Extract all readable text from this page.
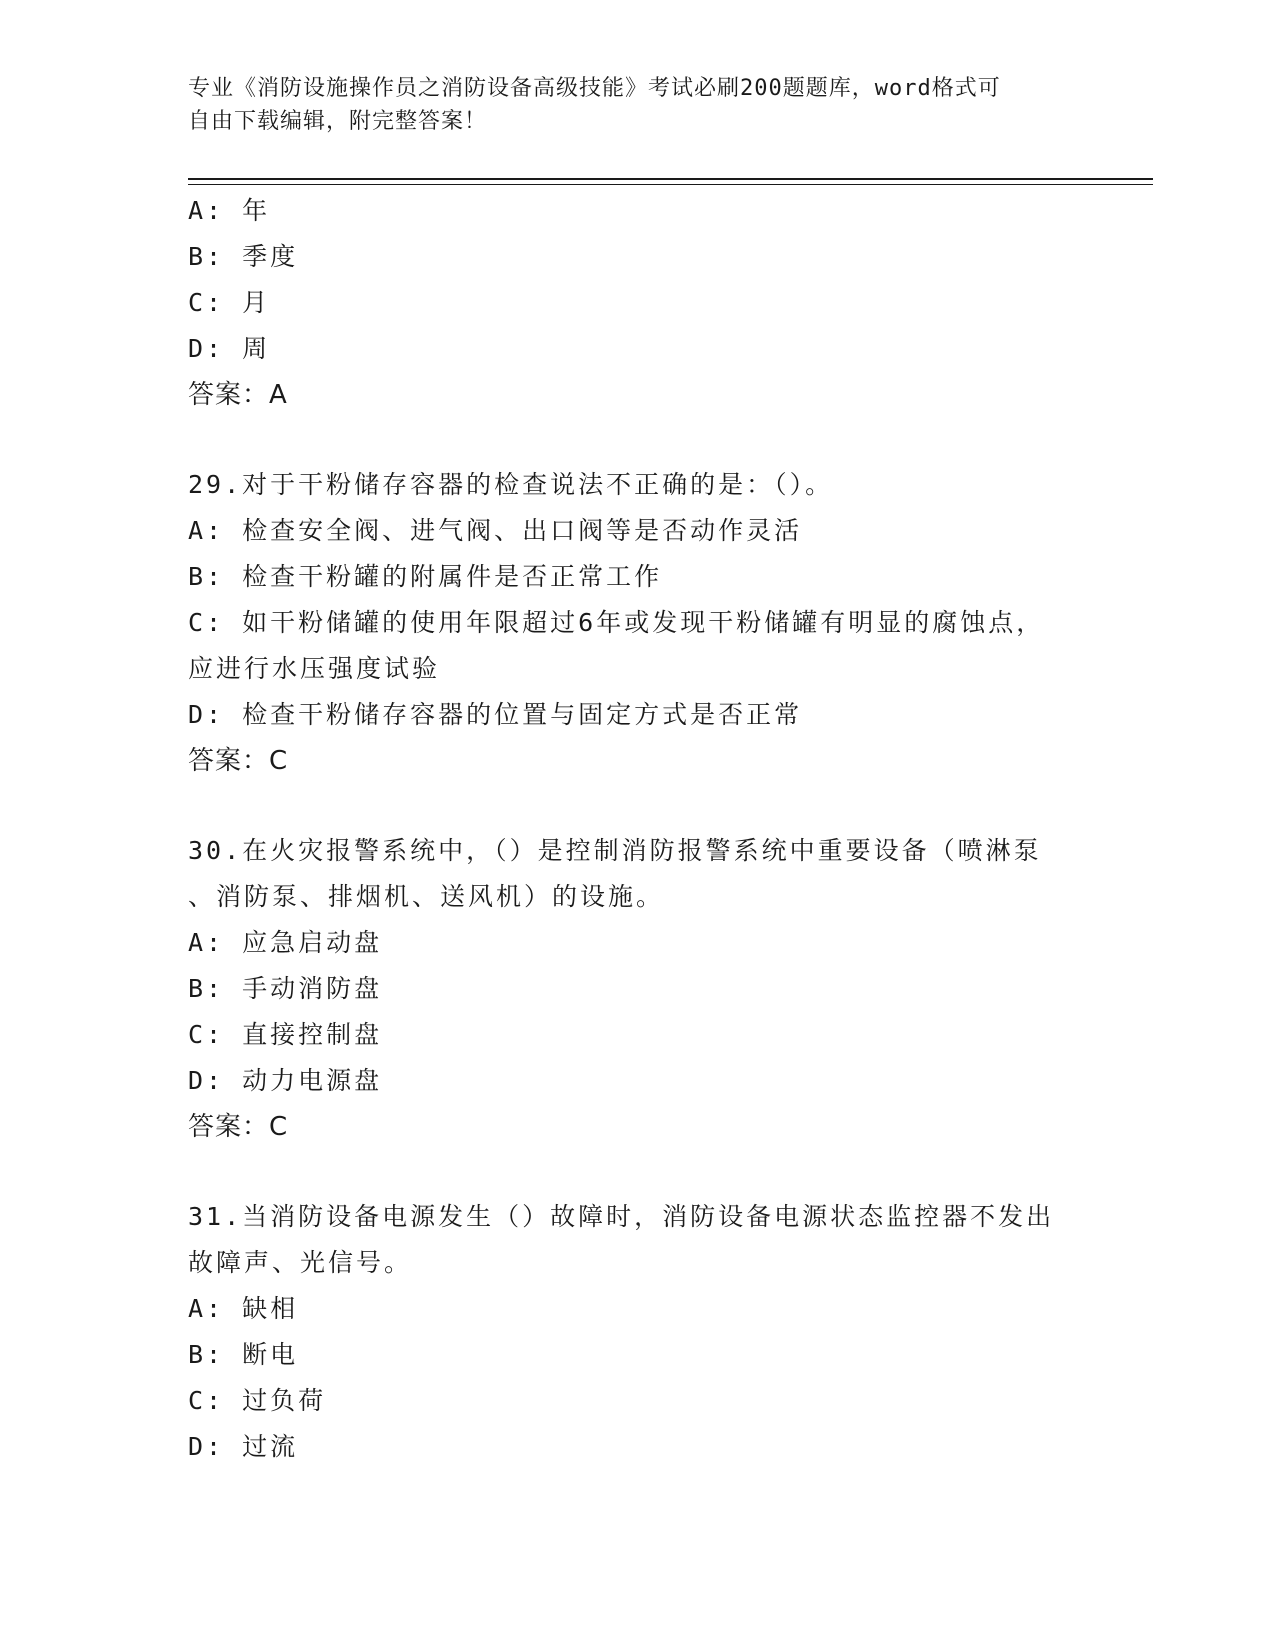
专业《消防设施操作员之消防设备高级技能》考试必刷200题题库，word格式可
自由下载编辑，附完整答案！
A: 年
B: 季度
C: 月
D: 周
答案：A
29.对于干粉储存容器的检查说法不正确的是：（）。
A: 检查安全阀、进气阀、出口阀等是否动作灵活
B: 检查干粉罐的附属件是否正常工作
C: 如干粉储罐的使用年限超过6年或发现干粉储罐有明显的腐蚀点，
应进行水压强度试验
D: 检查干粉储存容器的位置与固定方式是否正常
答案：C
30.在火灾报警系统中，（）是控制消防报警系统中重要设备（喷淋泵
、消防泵、排烟机、送风机）的设施。
A: 应急启动盘
B: 手动消防盘
C: 直接控制盘
D: 动力电源盘
答案：C
31.当消防设备电源发生（）故障时，消防设备电源状态监控器不发出
故障声、光信号。
A: 缺相
B: 断电
C: 过负荷
D: 过流
